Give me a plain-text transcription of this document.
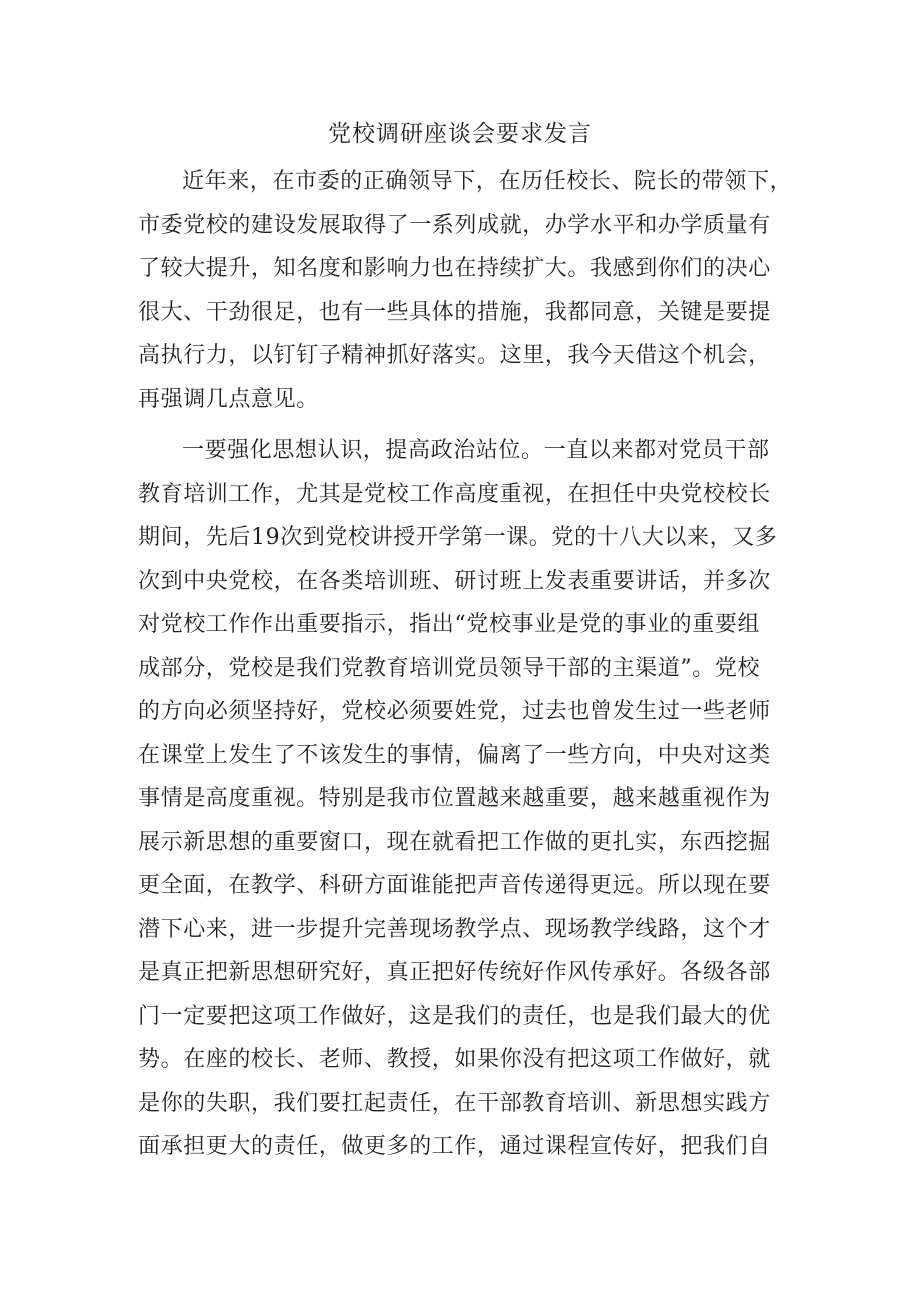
党校调研座谈会要求发言
近年来，在市委的正确领导下，在历任校长、院长的带领下，
市委党校的建设发展取得了一系列成就，办学水平和办学质量有
了较大提升，知名度和影响力也在持续扩大。我感到你们的决心
很大、干劲很足，也有一些具体的措施，我都同意，关键是要提
高执行力，以钉钉子精神抓好落实。这里，我今天借这个机会，
再强调几点意见。
一要强化思想认识，提高政治站位。一直以来都对党员干部
教育培训工作，尤其是党校工作高度重视，在担任中央党校校长
期间，先后19次到党校讲授开学第一课。党的十八大以来，又多
次到中央党校，在各类培训班、研讨班上发表重要讲话，并多次
对党校工作作出重要指示，指出“党校事业是党的事业的重要组
成部分，党校是我们党教育培训党员领导干部的主渠道”。党校
的方向必须坚持好，党校必须要姓党，过去也曾发生过一些老师
在课堂上发生了不该发生的事情，偏离了一些方向，中央对这类
事情是高度重视。特别是我市位置越来越重要，越来越重视作为
展示新思想的重要窗口，现在就看把工作做的更扎实，东西挖掘
更全面，在教学、科研方面谁能把声音传递得更远。所以现在要
潜下心来，进一步提升完善现场教学点、现场教学线路，这个才
是真正把新思想研究好，真正把好传统好作风传承好。各级各部
门一定要把这项工作做好，这是我们的责任，也是我们最大的优
势。在座的校长、老师、教授，如果你没有把这项工作做好，就
是你的失职，我们要扛起责任，在干部教育培训、新思想实践方
面承担更大的责任，做更多的工作，通过课程宣传好，把我们自
